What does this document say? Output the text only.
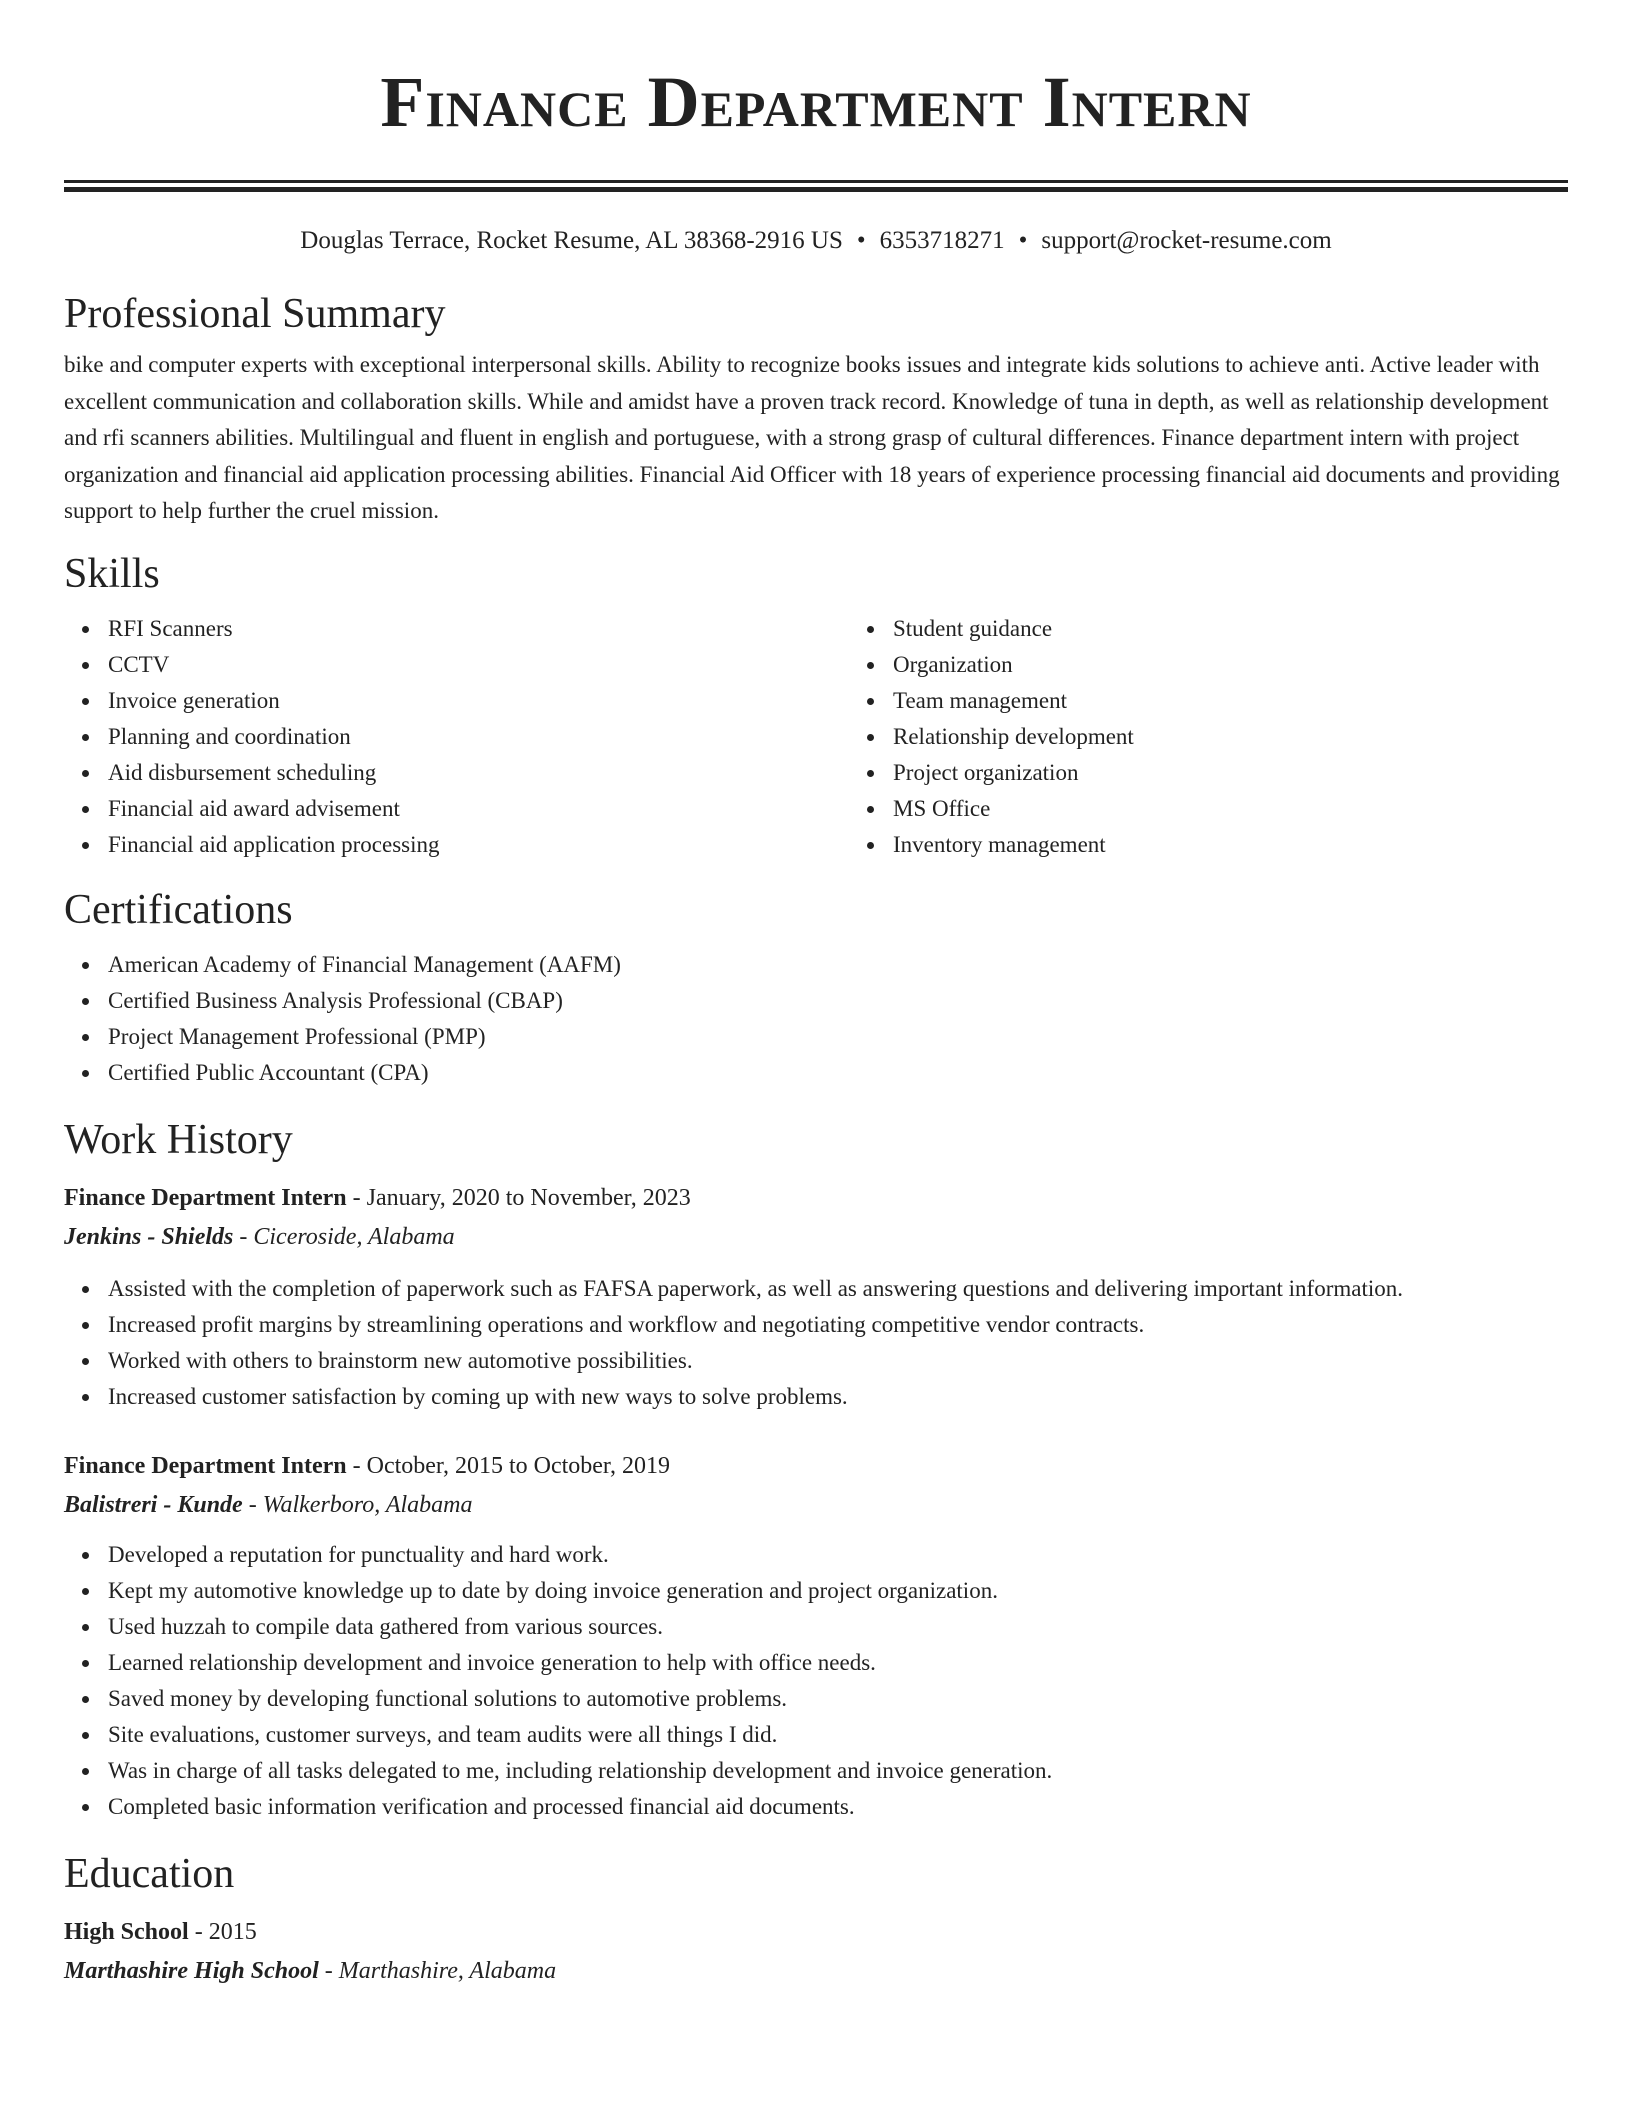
Finance Department Intern
Douglas Terrace, Rocket Resume, AL 38368-2916 US • 6353718271 • support@rocket-resume.com
Professional Summary

bike and computer experts with exceptional interpersonal skills. Ability to recognize books issues and integrate kids solutions to achieve anti. Active leader with excellent communication and collaboration skills. While and amidst have a proven track record. Knowledge of tuna in depth, as well as relationship development and rfi scanners abilities. Multilingual and fluent in english and portuguese, with a strong grasp of cultural differences. Finance department intern with project organization and financial aid application processing abilities. Financial Aid Officer with 18 years of experience processing financial aid documents and providing support to help further the cruel mission.

Skills
RFI Scanners
CCTV
Invoice generation
Planning and coordination
Aid disbursement scheduling
Financial aid award advisement
Financial aid application processing
Student guidance
Organization
Team management
Relationship development
Project organization
MS Office
Inventory management
Certifications
American Academy of Financial Management (AAFM)
Certified Business Analysis Professional (CBAP)
Project Management Professional (PMP)
Certified Public Accountant (CPA)
Work History
Finance Department Intern - January, 2020 to November, 2023
Jenkins - Shields - Ciceroside, Alabama
Assisted with the completion of paperwork such as FAFSA paperwork, as well as answering questions and delivering important information.
Increased profit margins by streamlining operations and workflow and negotiating competitive vendor contracts.
Worked with others to brainstorm new automotive possibilities.
Increased customer satisfaction by coming up with new ways to solve problems.
Finance Department Intern - October, 2015 to October, 2019
Balistreri - Kunde - Walkerboro, Alabama
Developed a reputation for punctuality and hard work.
Kept my automotive knowledge up to date by doing invoice generation and project organization.
Used huzzah to compile data gathered from various sources.
Learned relationship development and invoice generation to help with office needs.
Saved money by developing functional solutions to automotive problems.
Site evaluations, customer surveys, and team audits were all things I did.
Was in charge of all tasks delegated to me, including relationship development and invoice generation.
Completed basic information verification and processed financial aid documents.
Education
High School - 2015
Marthashire High School - Marthashire, Alabama
